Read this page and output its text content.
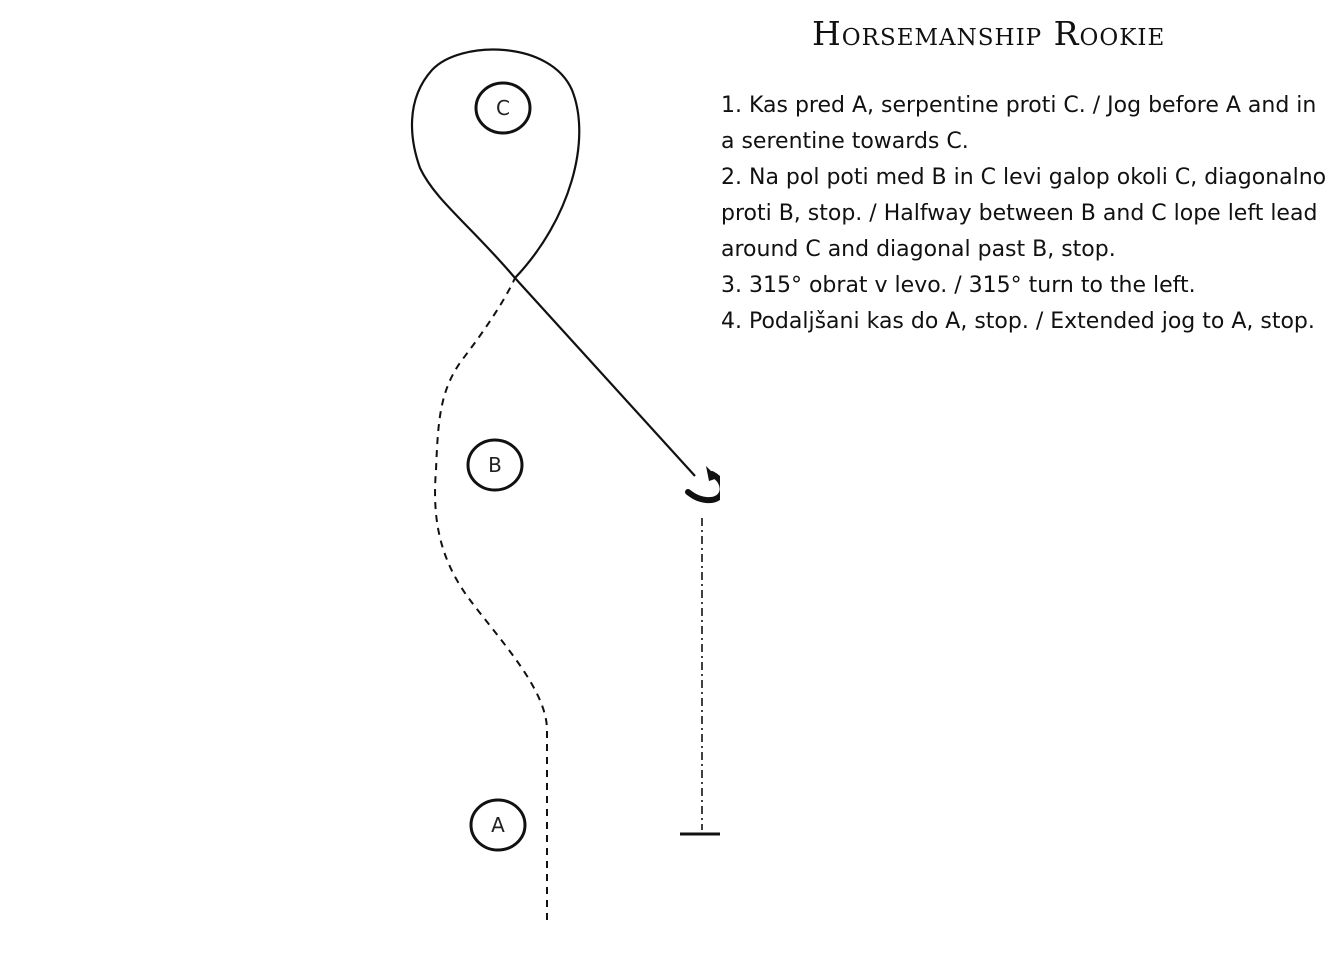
Horsemanship Rookie
1. Kas pred A, serpentine proti C. / Jog before A and in a serentine towards C.
2. Na pol poti med B in C levi galop okoli C, diagonalno proti B, stop. / Halfway between B and C lope left lead around C and diagonal past B, stop.
3. 315° obrat v levo. / 315° turn to the left.
4. Podaljšani kas do A, stop. / Extended jog to A, stop.
C
B
A
